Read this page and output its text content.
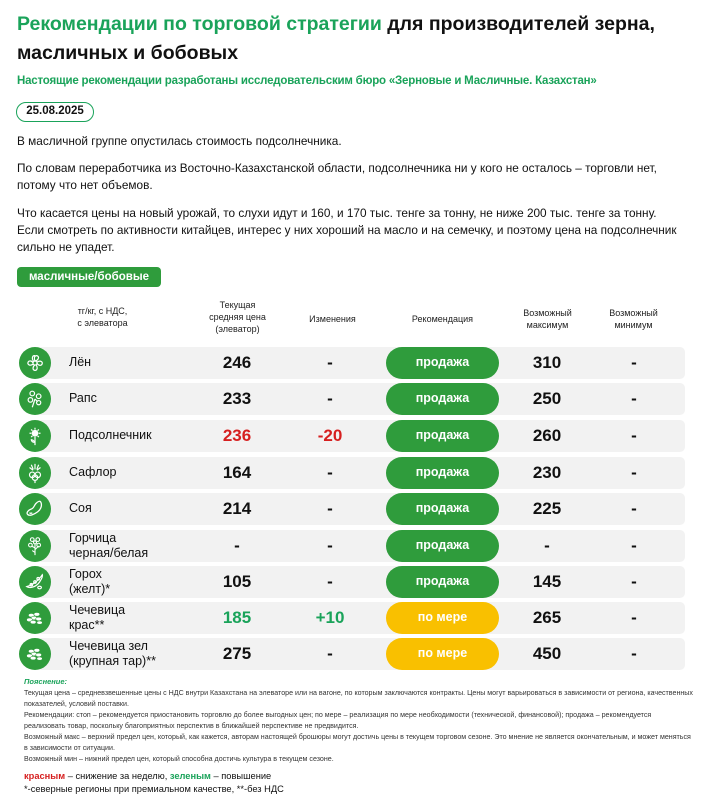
Рекомендации по торговой стратегии для производителей зерна, масличных и бобовых
Настоящие рекомендации разработаны исследовательским бюро «Зерновые и Масличные. Казахстан»
25.08.2025
В масличной группе опустилась стоимость подсолнечника.
По словам переработчика из Восточно-Казахстанской области, подсолнечника ни у кого не осталось – торговли нет, потому что нет объемов.
Что касается цены на новый урожай, то слухи идут и 160, и 170 тыс. тенге за тонну, не ниже 200 тыс. тенге за тонну. Если смотреть по активности китайцев, интерес у них хороший на масло и на семечку, и поэтому цена на подсолнечник сильно не упадет.
масличные/бобовые
тг/кг, с НДС,
с элеватора
Текущая
средняя цена
(элеватор)
Изменения	Рекомендация
Возможный
максимум
Возможный
минимум
Лён	246	-	продажа	310	-
Рапс	233	-	продажа	250	-
Подсолнечник	236	-20	продажа	260	-
Сафлор	164	-	продажа	230	-
Соя	214	-	продажа	225	-
Горчица
черная/белая	-	-	продажа	-	-
Горох
(желт)*	105	-	продажа	145	-
Чечевица
крас**	185	+10	по мере	265	-
Чечевица зел
(крупная тар)**	275	-	по мере	450	-
Пояснение:
Текущая цена – средневзвешенные цены с НДС внутри Казахстана на элеваторе или на вагоне, по которым заключаются контракты. Цены могут варьироваться в зависимости от региона, качественных показателей, условий поставки.
Рекомендации: стоп – рекомендуется приостановить торговлю до более выгодных цен; по мере – реализация по мере необходимости (технической, финансовой); продажа – рекомендуется реализовать товар, поскольку благоприятных перспектив в ближайшей перспективе не предвидится.
Возможный макс – верхний предел цен, который, как кажется, авторам настоящей брошюры могут достичь цены в текущем торговом сезоне. Это мнение не является окончательным, и может меняться в зависимости от ситуации.
Возможный мин – нижний предел цен, который способна достичь культура в текущем сезоне.
красным – снижение за неделю, зеленым – повышение
*-северные регионы при премиальном качестве, **-без НДС
